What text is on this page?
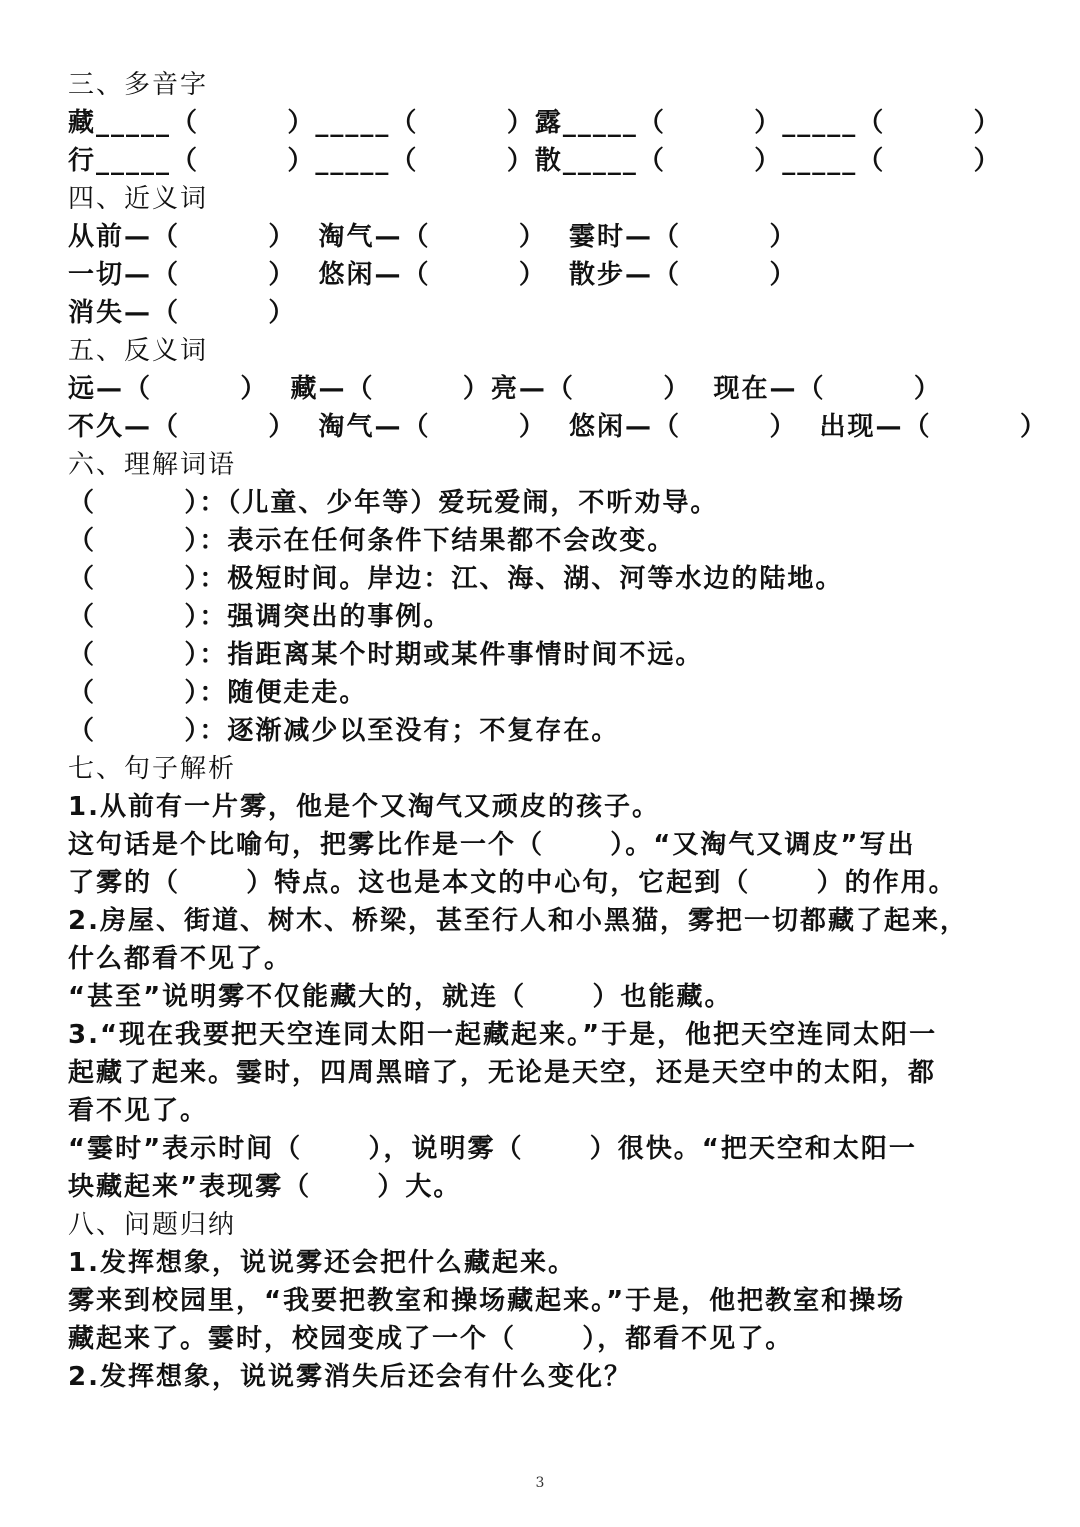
三、多音字
藏_____（        ）_____（        ）露_____（        ）_____（        ）
行_____（        ）_____（        ）散_____（        ）_____（        ）
四、近义词
从前—（        ）  淘气—（        ）  霎时—（        ）
一切—（        ）  悠闲—（        ）  散步—（        ）
消失—（        ）
五、反义词
远—（        ）  藏—（        ）亮—（        ）  现在—（        ）
不久—（        ）  淘气—（        ）  悠闲—（        ）  出现—（        ）
六、理解词语
（        ）：（儿童、少年等）爱玩爱闹，不听劝导。
（        ）：表示在任何条件下结果都不会改变。
（        ）：极短时间。岸边：江、海、湖、河等水边的陆地。
（        ）：强调突出的事例。
（        ）：指距离某个时期或某件事情时间不远。
（        ）：随便走走。
（        ）：逐渐减少以至没有；不复存在。
七、句子解析
1.从前有一片雾，他是个又淘气又顽皮的孩子。
这句话是个比喻句，把雾比作是一个（      ）。“又淘气又调皮”写出
了雾的（      ）特点。这也是本文的中心句，它起到（      ）的作用。
2.房屋、街道、树木、桥梁，甚至行人和小黑猫，雾把一切都藏了起来，
什么都看不见了。
“甚至”说明雾不仅能藏大的，就连（      ）也能藏。
3.“现在我要把天空连同太阳一起藏起来。”于是，他把天空连同太阳一
起藏了起来。霎时，四周黑暗了，无论是天空，还是天空中的太阳，都
看不见了。
“霎时”表示时间（      ），说明雾（      ）很快。“把天空和太阳一
块藏起来”表现雾（      ）大。
八、问题归纳
1.发挥想象，说说雾还会把什么藏起来。
雾来到校园里，“我要把教室和操场藏起来。”于是，他把教室和操场
藏起来了。霎时，校园变成了一个（      ），都看不见了。
2.发挥想象，说说雾消失后还会有什么变化？
3
